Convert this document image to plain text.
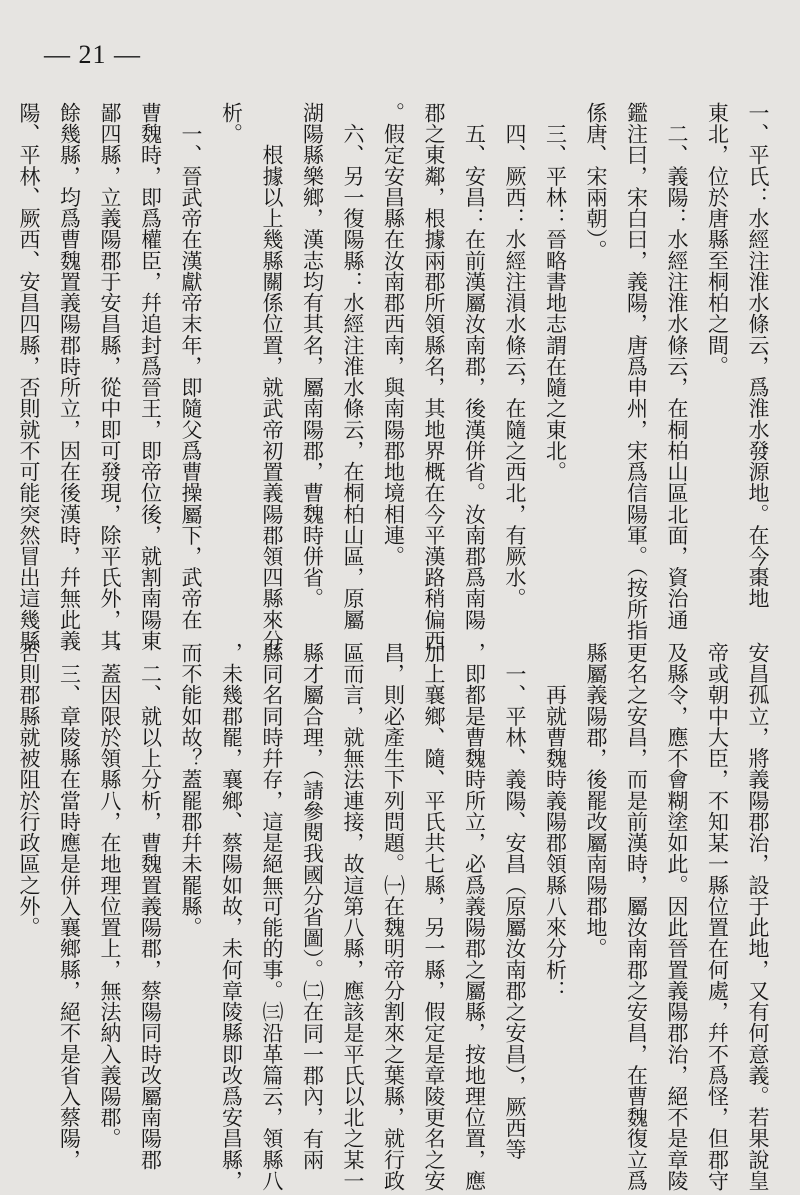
— 21 —
一、平氏：水經注淮水條云，爲淮水發源地。在今棗地
東北，位於唐縣至桐柏之間。
　二、義陽：水經注淮水條云，在桐柏山區北面，資治通
鑑注曰，宋白曰，義陽，唐爲申州，宋爲信陽軍。（按所指
係唐、宋兩朝）。
　三、平林：晉略書地志謂在隨之東北。
　四、厥西：水經注溳水條云，在隨之西北，有厥水。
　五、安昌：在前漢屬汝南郡，後漢併省。汝南郡爲南陽
郡之東鄰，根據兩郡所領縣名，其地界概在今平漢路稍偏西
。假定安昌縣在汝南郡西南，與南陽郡地境相連。
　六、另一復陽縣：水經注淮水條云，在桐柏山區，原屬
湖陽縣樂鄉，漢志均有其名，屬南陽郡，曹魏時併省。
　　根據以上幾縣關係位置，就武帝初置義陽郡領四縣來分
析。
　一、晉武帝在漢獻帝末年，即隨父爲曹操屬下，武帝在
曹魏時，即爲權臣，幷追封爲晉王，即帝位後，就割南陽東
鄙四縣，立義陽郡于安昌縣，從中即可發現，除平氏外，其
餘幾縣，均爲曹魏置義陽郡時所立，因在後漢時，幷無此義
陽、平林、厥西、安昌四縣，否則就不可能突然冒出這幾縣
安昌孤立，將義陽郡治，設于此地，又有何意義。若果說皇
帝或朝中大臣，不知某一縣位置在何處，幷不爲怪，但郡守
及縣令，應不會糊塗如此。因此晉置義陽郡治，絕不是章陵
更名之安昌，而是前漢時，屬汝南郡之安昌，在曹魏復立爲
縣屬義陽郡，後罷改屬南陽郡地。
　　再就曹魏時義陽郡領縣八來分析：
　一、平林、義陽、安昌（原屬汝南郡之安昌），厥西等
，即都是曹魏時所立，必爲義陽郡之屬縣，按地理位置，應
加上襄鄉、隨、平氏共七縣，另一縣，假定是章陵更名之安
昌，則必產生下列問題。㈠在魏明帝分割來之葉縣，就行政
區而言，就無法連接，故這第八縣，應該是平氏以北之某一
縣才屬合理，（請參閱我國分省圖）。㈡在同一郡內，有兩
縣同名同時幷存，這是絕無可能的事。㈢沿革篇云，領縣八
，未幾郡罷，襄鄉、蔡陽如故，未何章陵縣即改爲安昌縣，
而不能如故？蓋罷郡幷未罷縣。
　二、就以上分析，曹魏置義陽郡，蔡陽同時改屬南陽郡
，蓋因限於領縣八，在地理位置上，無法納入義陽郡。
　三、章陵縣在當時應是併入襄鄉縣，絕不是省入蔡陽，
否則郡縣就被阻於行政區之外。
